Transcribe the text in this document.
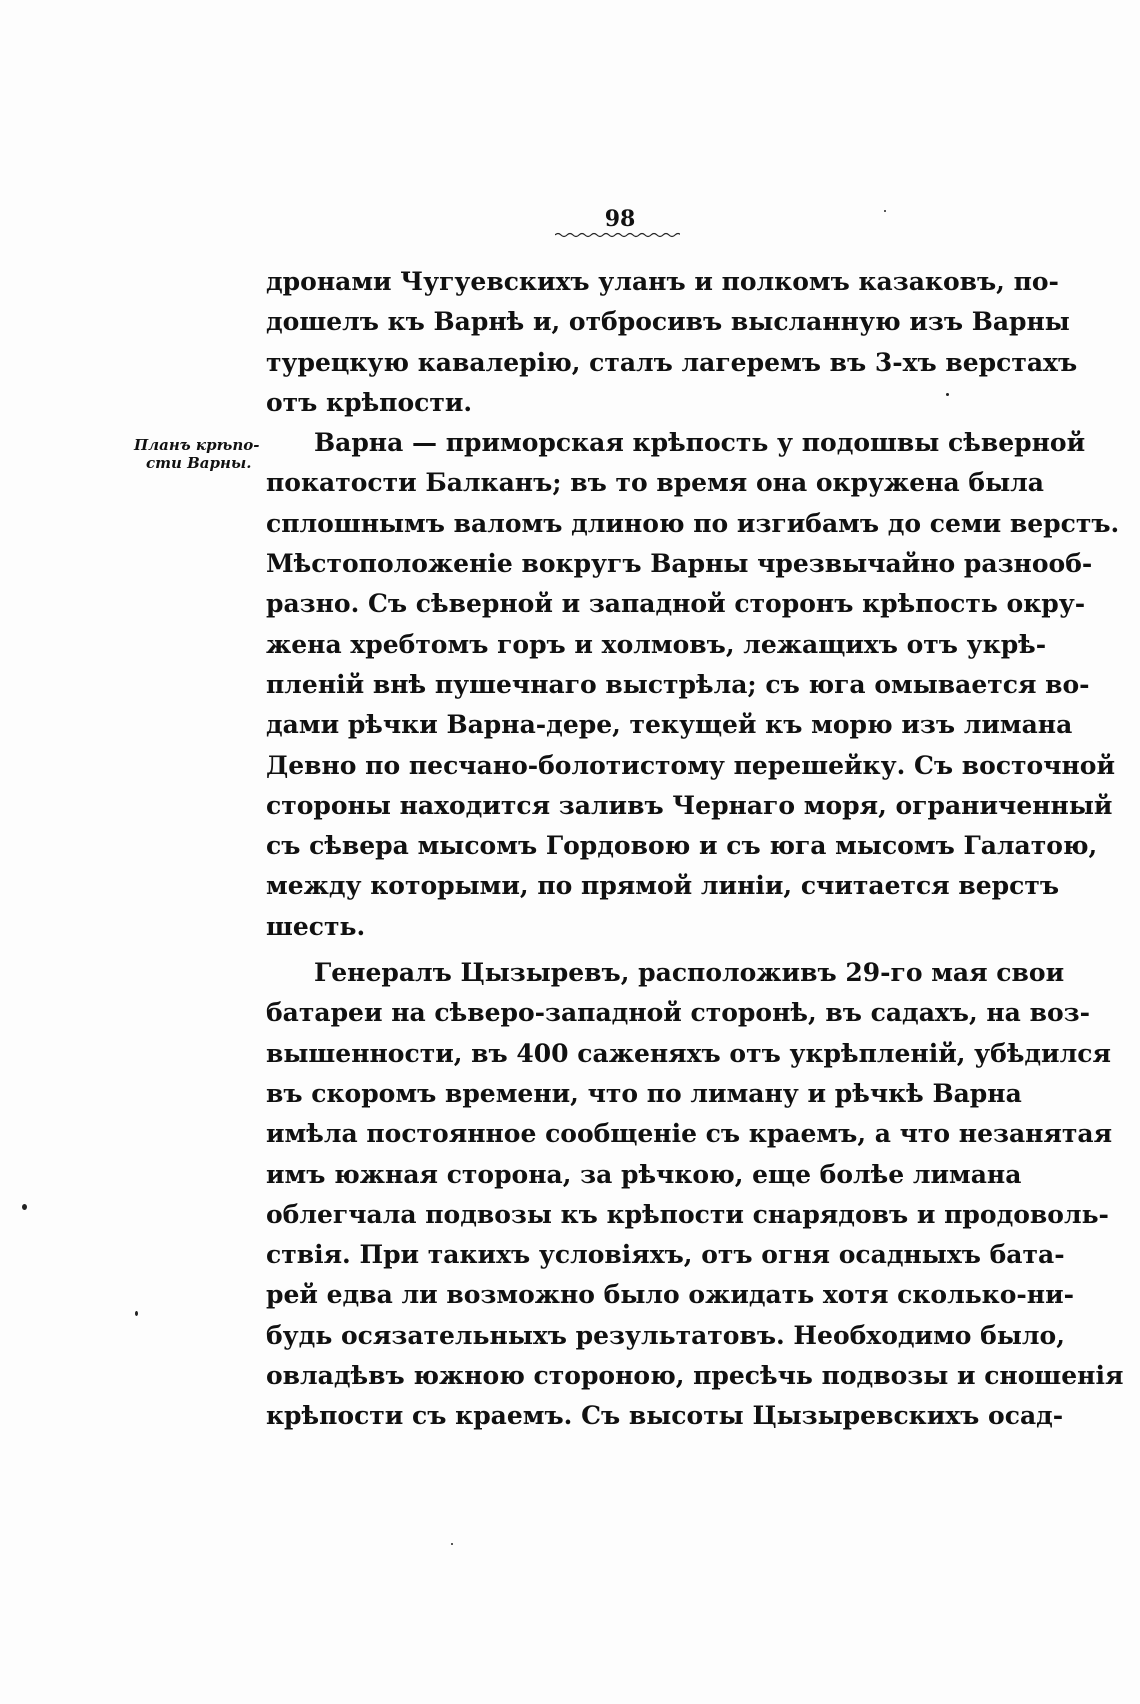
98
Планъ крѣпо-
сти Варны.
дронами Чугуевскихъ уланъ и полкомъ казаковъ, по-
дошелъ къ Варнѣ и, отбросивъ высланную изъ Варны
турецкую кавалерію, сталъ лагеремъ въ 3-хъ верстахъ
отъ крѣпости.
Варна — приморская крѣпость у подошвы сѣверной
покатости Балканъ; въ то время она окружена была
сплошнымъ валомъ длиною по изгибамъ до семи верстъ.
Мѣстоположеніе вокругъ Варны чрезвычайно разнооб-
разно. Съ сѣверной и западной сторонъ крѣпость окру-
жена хребтомъ горъ и холмовъ, лежащихъ отъ укрѣ-
пленій внѣ пушечнаго выстрѣла; съ юга омывается во-
дами рѣчки Варна-дере, текущей къ морю изъ лимана
Девно по песчано-болотистому перешейку. Съ восточной
стороны находится заливъ Чернаго моря, ограниченный
съ сѣвера мысомъ Гордовою и съ юга мысомъ Галатою,
между которыми, по прямой линіи, считается верстъ
шесть.
Генералъ Цызыревъ, расположивъ 29-го мая свои
батареи на сѣверо-западной сторонѣ, въ садахъ, на воз-
вышенности, въ 400 саженяхъ отъ укрѣпленій, убѣдился
въ скоромъ времени, что по лиману и рѣчкѣ Варна
имѣла постоянное сообщеніе съ краемъ, а что незанятая
имъ южная сторона, за рѣчкою, еще болѣе лимана
облегчала подвозы къ крѣпости снарядовъ и продоволь-
ствія. При такихъ условіяхъ, отъ огня осадныхъ бата-
рей едва ли возможно было ожидать хотя сколько-ни-
будь осязательныхъ результатовъ. Необходимо было,
овладѣвъ южною стороною, пресѣчь подвозы и сношенія
крѣпости съ краемъ. Съ высоты Цызыревскихъ осад-
